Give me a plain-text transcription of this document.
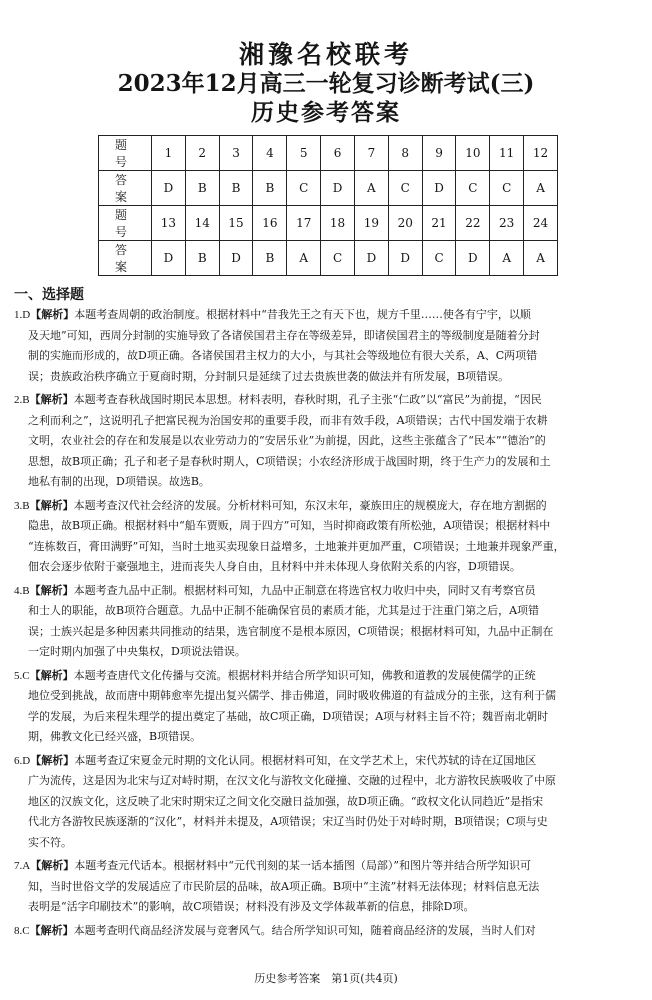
湘豫名校联考
2023年12月高三一轮复习诊断考试(三)
历史参考答案
题　号	1	2	3	4	5	6	7	8	9	10	11	12
答　案	D	B	B	B	C	D	A	C	D	C	C	A
题　号	13	14	15	16	17	18	19	20	21	22	23	24
答　案	D	B	D	B	A	C	D	D	C	D	A	A
一、选择题
1.D【解析】本题考查周朝的政治制度。根据材料中“昔我先王之有天下也，规方千里……使各有宁宇，以顺
及天地”可知，西周分封制的实施导致了各诸侯国君主存在等级差异，即诸侯国君主的等级制度是随着分封
制的实施而形成的，故D项正确。各诸侯国君主权力的大小，与其社会等级地位有很大关系，A、C两项错
误；贵族政治秩序确立于夏商时期，分封制只是延续了过去贵族世袭的做法并有所发展，B项错误。
2.B【解析】本题考查春秋战国时期民本思想。材料表明，春秋时期，孔子主张“仁政”以“富民”为前提，“因民
之利而利之”，这说明孔子把富民视为治国安邦的重要手段，而非有效手段，A项错误；古代中国发端于农耕
文明，农业社会的存在和发展是以农业劳动力的“安居乐业”为前提，因此，这些主张蕴含了“民本”“德治”的
思想，故B项正确；孔子和老子是春秋时期人，C项错误；小农经济形成于战国时期，终于生产力的发展和土
地私有制的出现，D项错误。故选B。
3.B【解析】本题考查汉代社会经济的发展。分析材料可知，东汉末年，豪族田庄的规模庞大，存在地方割据的
隐患，故B项正确。根据材料中“船车贾贩，周于四方”可知，当时抑商政策有所松弛，A项错误；根据材料中
“连栋数百，膏田满野”可知，当时土地买卖现象日益增多，土地兼并更加严重，C项错误；土地兼并现象严重，
佃农会逐步依附于豪强地主，进而丧失人身自由，且材料中并未体现人身依附关系的内容，D项错误。
4.B【解析】本题考查九品中正制。根据材料可知，九品中正制意在将选官权力收归中央，同时又有考察官员
和士人的职能，故B项符合题意。九品中正制不能确保官员的素质才能，尤其是过于注重门第之后，A项错
误；士族兴起是多种因素共同推动的结果，选官制度不是根本原因，C项错误；根据材料可知，九品中正制在
一定时期内加强了中央集权，D项说法错误。
5.C【解析】本题考查唐代文化传播与交流。根据材料并结合所学知识可知，佛教和道教的发展使儒学的正统
地位受到挑战，故而唐中期韩愈率先提出复兴儒学、排击佛道，同时吸收佛道的有益成分的主张，这有利于儒
学的发展，为后来程朱理学的提出奠定了基础，故C项正确，D项错误；A项与材料主旨不符；魏晋南北朝时
期，佛教文化已经兴盛，B项错误。
6.D【解析】本题考查辽宋夏金元时期的文化认同。根据材料可知，在文学艺术上，宋代苏轼的诗在辽国地区
广为流传，这是因为北宋与辽对峙时期，在汉文化与游牧文化碰撞、交融的过程中，北方游牧民族吸收了中原
地区的汉族文化，这反映了北宋时期宋辽之间文化交融日益加强，故D项正确。“政权文化认同趋近”是指宋
代北方各游牧民族逐渐的“汉化”，材料并未提及，A项错误；宋辽当时仍处于对峙时期，B项错误；C项与史
实不符。
7.A【解析】本题考查元代话本。根据材料中“元代刊刻的某一话本插图（局部）”和图片等并结合所学知识可
知，当时世俗文学的发展适应了市民阶层的品味，故A项正确。B项中“主流”材料无法体现；材料信息无法
表明是“活字印刷技术”的影响，故C项错误；材料没有涉及文学体裁革新的信息，排除D项。
8.C【解析】本题考查明代商品经济发展与竞奢风气。结合所学知识可知，随着商品经济的发展，当时人们对
历史参考答案　第1页(共4页)
